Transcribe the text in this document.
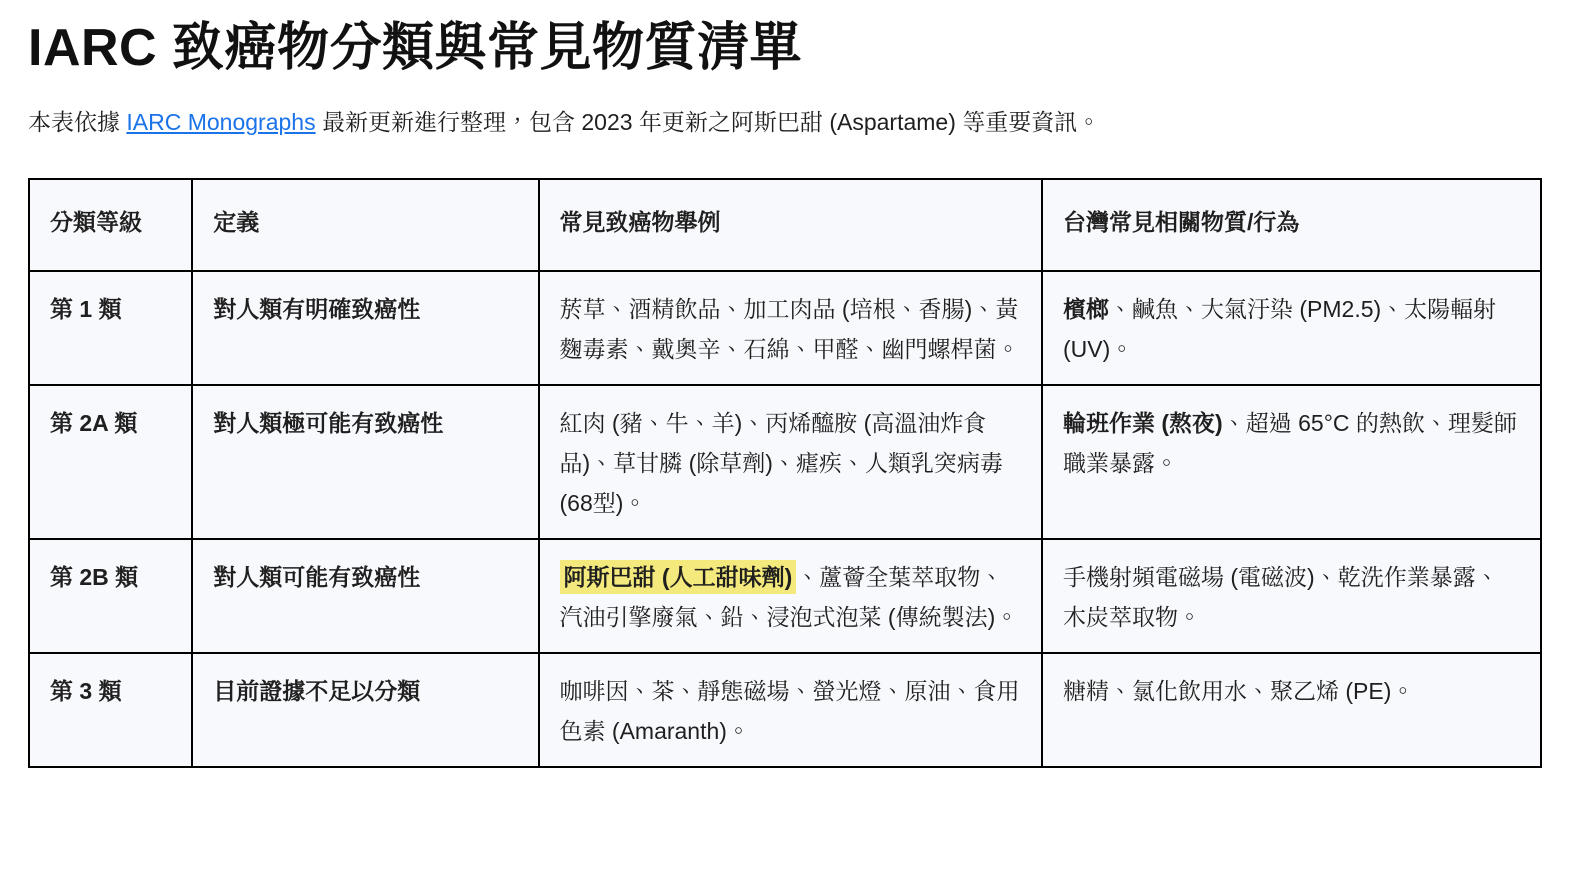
IARC 致癌物分類與常見物質清單

本表依據 IARC Monographs 最新更新進行整理，包含 2023 年更新之阿斯巴甜 (Aspartame) 等重要資訊。

分類等級	定義	常見致癌物舉例	台灣常見相關物質/行為
第 1 類	對人類有明確致癌性	菸草、酒精飲品、加工肉品 (培根、香腸)、黃麴毒素、戴奧辛、石綿、甲醛、幽門螺桿菌。	檳榔、鹹魚、大氣汙染 (PM2.5)、太陽輻射 (UV)。
第 2A 類	對人類極可能有致癌性	紅肉 (豬、牛、羊)、丙烯醯胺 (高溫油炸食品)、草甘膦 (除草劑)、瘧疾、人類乳突病毒 (68型)。	輪班作業 (熬夜)、超過 65°C 的熱飲、理髮師職業暴露。
第 2B 類	對人類可能有致癌性	阿斯巴甜 (人工甜味劑) 、蘆薈全葉萃取物、汽油引擎廢氣、鉛、浸泡式泡菜 (傳統製法)。	手機射頻電磁場 (電磁波)、乾洗作業暴露、木炭萃取物。
第 3 類	目前證據不足以分類	咖啡因、茶、靜態磁場、螢光燈、原油、食用色素 (Amaranth)。	糖精、氯化飲用水、聚乙烯 (PE)。
